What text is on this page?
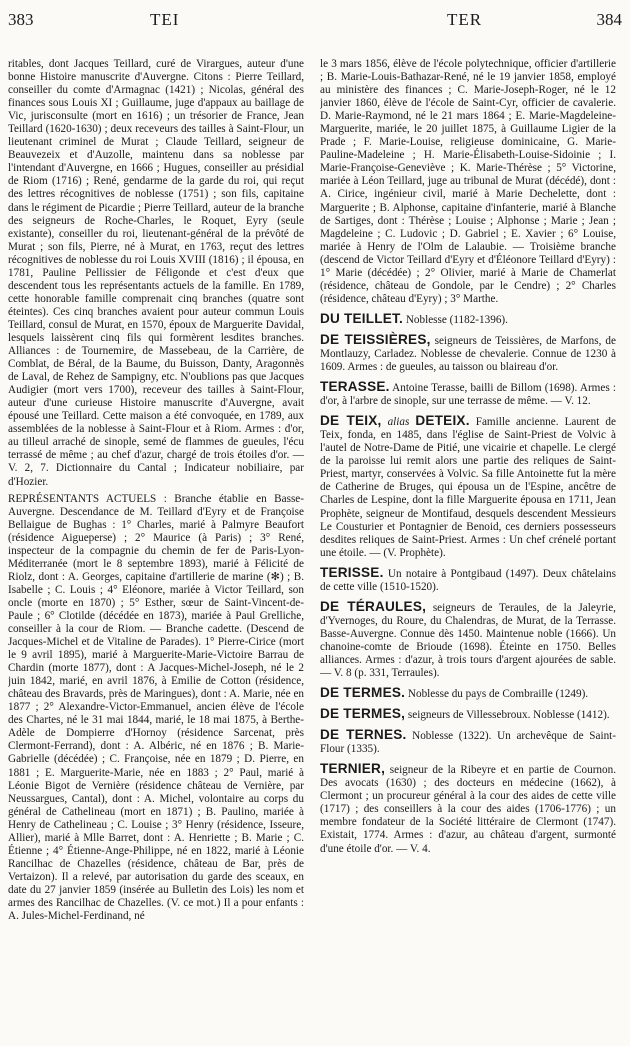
383	TEI	TER	384

ritables, dont Jacques Teillard, curé de Virargues, auteur d'une bonne Histoire manuscrite d'Auvergne. Citons : Pierre Teillard, conseiller du comte d'Armagnac (1421) ; Nicolas, général des finances sous Louis XI ; Guillaume, juge d'appaux au baillage de Vic, jurisconsulte (mort en 1616) ; un trésorier de France, Jean Teillard (1620-1630) ; deux receveurs des tailles à Saint-Flour, un lieutenant criminel de Murat ; Claude Teillard, seigneur de Beauvezeix et d'Auzolle, maintenu dans sa noblesse par l'intendant d'Auvergne, en 1666 ; Hugues, conseiller au présidial de Riom (1716) ; René, gendarme de la garde du roi, qui reçut des lettres récognitives de noblesse (1751) ; son fils, capitaine dans le régiment de Picardie ; Pierre Teillard, auteur de la branche des seigneurs de Roche-Charles, le Roquet, Eyry (seule existante), conseiller du roi, lieutenant-général de la prévôté de Murat ; son fils, Pierre, né à Murat, en 1763, reçut des lettres récognitives de noblesse du roi Louis XVIII (1816) ; il épousa, en 1781, Pauline Pellissier de Féligonde et c'est d'eux que descendent tous les représentants actuels de la famille. En 1789, cette honorable famille comprenait cinq branches (quatre sont éteintes). Ces cinq branches avaient pour auteur commun Louis Teillard, consul de Murat, en 1570, époux de Marguerite Davidal, lesquels laissèrent cinq fils qui formèrent lesdites branches. Alliances : de Tournemire, de Massebeau, de la Carrière, de Comblat, de Béral, de la Baume, du Buisson, Danty, Aragonnès de Laval, de Rehez de Sampigny, etc. N'oublions pas que Jacques Audigier (mort vers 1700), receveur des tailles à Saint-Flour, auteur d'une curieuse Histoire manuscrite d'Auvergne, avait épousé une Teillard. Cette maison a été convoquée, en 1789, aux assemblées de la noblesse à Saint-Flour et à Riom. Armes : d'or, au tilleul arraché de sinople, semé de flammes de gueules, l'écu terrassé de même ; au chef d'azur, chargé de trois étoiles d'or. — V. 2, 7. Dictionnaire du Cantal ; Indicateur nobiliaire, par d'Hozier.

REPRÉSENTANTS ACTUELS : Branche établie en Basse-Auvergne. Descendance de M. Teillard d'Eyry et de Françoise Bellaigue de Bughas : 1° Charles, marié à Palmyre Beaufort (résidence Aigueperse) ; 2° Maurice (à Paris) ; 3° René, inspecteur de la compagnie du chemin de fer de Paris-Lyon-Méditerranée (mort le 8 septembre 1893), marié à Félicité de Riolz, dont : A. Georges, capitaine d'artillerie de marine (✻) ; B. Isabelle ; C. Louis ; 4° Eléonore, mariée à Victor Teillard, son oncle (morte en 1870) ; 5° Esther, sœur de Saint-Vincent-de-Paule ; 6° Clotilde (décédée en 1873), mariée à Paul Grelliche, conseiller à la cour de Riom. — Branche cadette. (Descend de Jacques-Michel et de Vitaline de Parades). 1° Pierre-Cirice (mort le 9 avril 1895), marié à Marguerite-Marie-Victoire Barrau de Chardin (morte 1877), dont : A Jacques-Michel-Joseph, né le 2 juin 1842, marié, en avril 1876, à Emilie de Cotton (résidence, château des Bravards, près de Maringues), dont : A. Marie, née en 1877 ; 2° Alexandre-Victor-Emmanuel, ancien élève de l'école des Chartes, né le 31 mai 1844, marié, le 18 mai 1875, à Berthe-Adèle de Dompierre d'Hornoy (résidence Sarcenat, près Clermont-Ferrand), dont : A. Albéric, né en 1876 ; B. Marie-Gabrielle (décédée) ; C. Françoise, née en 1879 ; D. Pierre, en 1881 ; E. Marguerite-Marie, née en 1883 ; 2° Paul, marié à Léonie Bigot de Vernière (résidence château de Vernière, par Neussargues, Cantal), dont : A. Michel, volontaire au corps du général de Cathelineau (mort en 1871) ; B. Paulino, mariée à Henry de Cathelineau ; C. Louise ; 3° Henry (résidence, Isseure, Allier), marié à Mlle Barret, dont : A. Henriette ; B. Marie ; C. Étienne ; 4° Étienne-Ange-Philippe, né en 1822, marié à Léonie Rancilhac de Chazelles (résidence, château de Bar, près de Vertaizon). Il a relevé, par autorisation du garde des sceaux, en date du 27 janvier 1859 (insérée au Bulletin des Lois) les nom et armes des Rancilhac de Chazelles. (V. ce mot.) Il a pour enfants : A. Jules-Michel-Ferdinand, né

le 3 mars 1856, élève de l'école polytechnique, officier d'artillerie ; B. Marie-Louis-Bathazar-René, né le 19 janvier 1858, employé au ministère des finances ; C. Marie-Joseph-Roger, né le 12 janvier 1860, élève de l'école de Saint-Cyr, officier de cavalerie. D. Marie-Raymond, né le 21 mars 1864 ; E. Marie-Magdeleine-Marguerite, mariée, le 20 juillet 1875, à Guillaume Ligier de la Prade ; F. Marie-Louise, religieuse dominicaine, G. Marie-Pauline-Madeleine ; H. Marie-Élisabeth-Louise-Sidoinie ; I. Marie-Françoise-Geneviève ; K. Marie-Thérèse ; 5° Victorine, mariée à Léon Teillard, juge au tribunal de Murat (décédé), dont : A. Cirice, ingénieur civil, marié à Marie Dechelette, dont : Marguerite ; B. Alphonse, capitaine d'infanterie, marié à Blanche de Sartiges, dont : Thérèse ; Louise ; Alphonse ; Marie ; Jean ; Magdeleine ; C. Ludovic ; D. Gabriel ; E. Xavier ; 6° Louise, mariée à Henry de l'Olm de Lalaubie. — Troisième branche (descend de Victor Teillard d'Eyry et d'Éléonore Teillard d'Eyry) : 1° Marie (décédée) ; 2° Olivier, marié à Marie de Chamerlat (résidence, château de Gondole, par le Cendre) ; 2° Charles (résidence, château d'Eyry) ; 3° Marthe.

DU TEILLET. Noblesse (1182-1396).

DE TEISSIÈRES, seigneurs de Teissières, de Marfons, de Montlauzy, Carladez. Noblesse de chevalerie. Connue de 1230 à 1609. Armes : de gueules, au taisson ou blaireau d'or.

TERASSE. Antoine Terasse, bailli de Billom (1698). Armes : d'or, à l'arbre de sinople, sur une terrasse de même. — V. 12.

DE TEIX, alias DETEIX. Famille ancienne. Laurent de Teix, fonda, en 1485, dans l'église de Saint-Priest de Volvic à l'autel de Notre-Dame de Pitié, une vicairie et chapelle. Le clergé de la paroisse lui remit alors une partie des reliques de Saint-Priest, martyr, conservées à Volvic. Sa fille Antoinette fut la mère de Catherine de Bruges, qui épousa un de l'Espine, ancêtre de Charles de Lespine, dont la fille Marguerite épousa en 1711, Jean Prophète, seigneur de Montifaud, desquels descendent Messieurs Le Cousturier et Pontagnier de Benoid, ces derniers possesseurs desdites reliques de Saint-Priest. Armes : Un chef crénelé portant une étoile. — (V. Prophète).

TERISSE. Un notaire à Pontgibaud (1497). Deux châtelains de cette ville (1510-1520).

DE TÉRAULES, seigneurs de Teraules, de la Jaleyrie, d'Yvernoges, du Roure, du Chalendras, de Murat, de la Terrasse. Basse-Auvergne. Connue dès 1450. Maintenue noble (1666). Un chanoine-comte de Brioude (1698). Éteinte en 1750. Belles alliances. Armes : d'azur, à trois tours d'argent ajourées de sable. — V. 8 (p. 331, Terraules).

DE TERMES. Noblesse du pays de Combraille (1249).

DE TERMES, seigneurs de Villessebroux. Noblesse (1412).

DE TERNES. Noblesse (1322). Un archevêque de Saint-Flour (1335).

TERNIER, seigneur de la Ribeyre et en partie de Cournon. Des avocats (1630) ; des docteurs en médecine (1662), à Clermont ; un procureur général à la cour des aides de cette ville (1717) ; des conseillers à la cour des aides (1706-1776) ; un membre fondateur de la Société littéraire de Clermont (1747). Existait, 1774. Armes : d'azur, au château d'argent, surmonté d'une étoile d'or. — V. 4.
